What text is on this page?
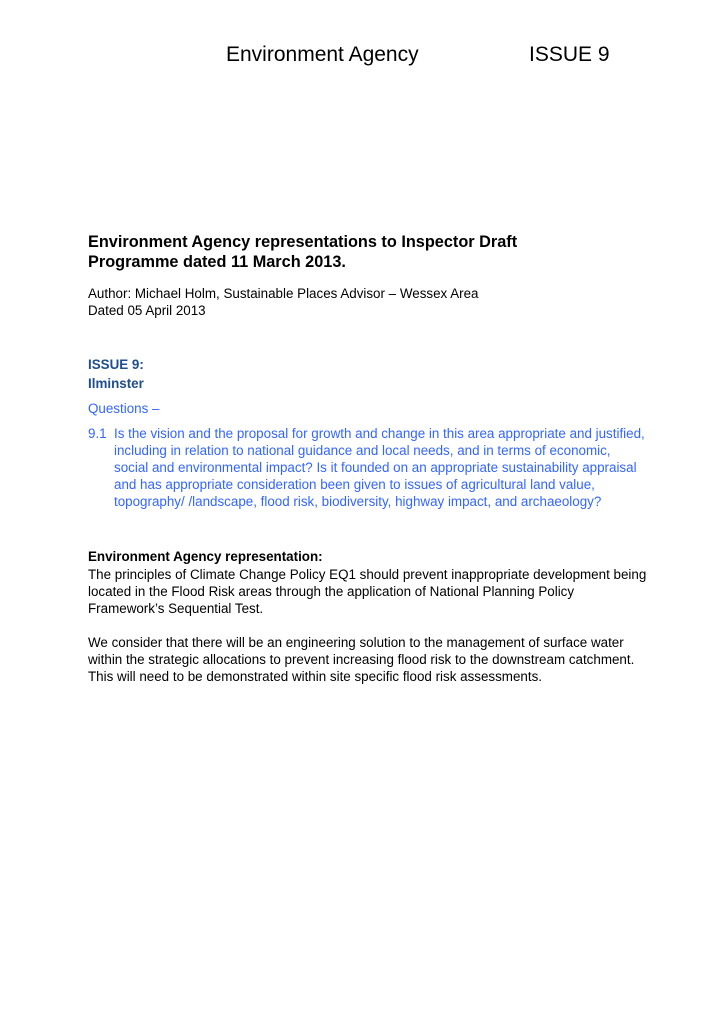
Environment Agency	ISSUE 9
Environment Agency representations to Inspector Draft Programme dated 11 March 2013.
Author: Michael Holm, Sustainable Places Advisor – Wessex Area
Dated 05 April 2013
ISSUE 9:
Ilminster
Questions –
9.1 Is the vision and the proposal for growth and change in this area appropriate and justified, including in relation to national guidance and local needs, and in terms of economic, social and environmental impact? Is it founded on an appropriate sustainability appraisal and has appropriate consideration been given to issues of agricultural land value, topography/ /landscape, flood risk, biodiversity, highway impact, and archaeology?
Environment Agency representation:
The principles of Climate Change Policy EQ1 should prevent inappropriate development being located in the Flood Risk areas through the application of National Planning Policy Framework’s Sequential Test.
We consider that there will be an engineering solution to the management of surface water within the strategic allocations to prevent increasing flood risk to the downstream catchment. This will need to be demonstrated within site specific flood risk assessments.
